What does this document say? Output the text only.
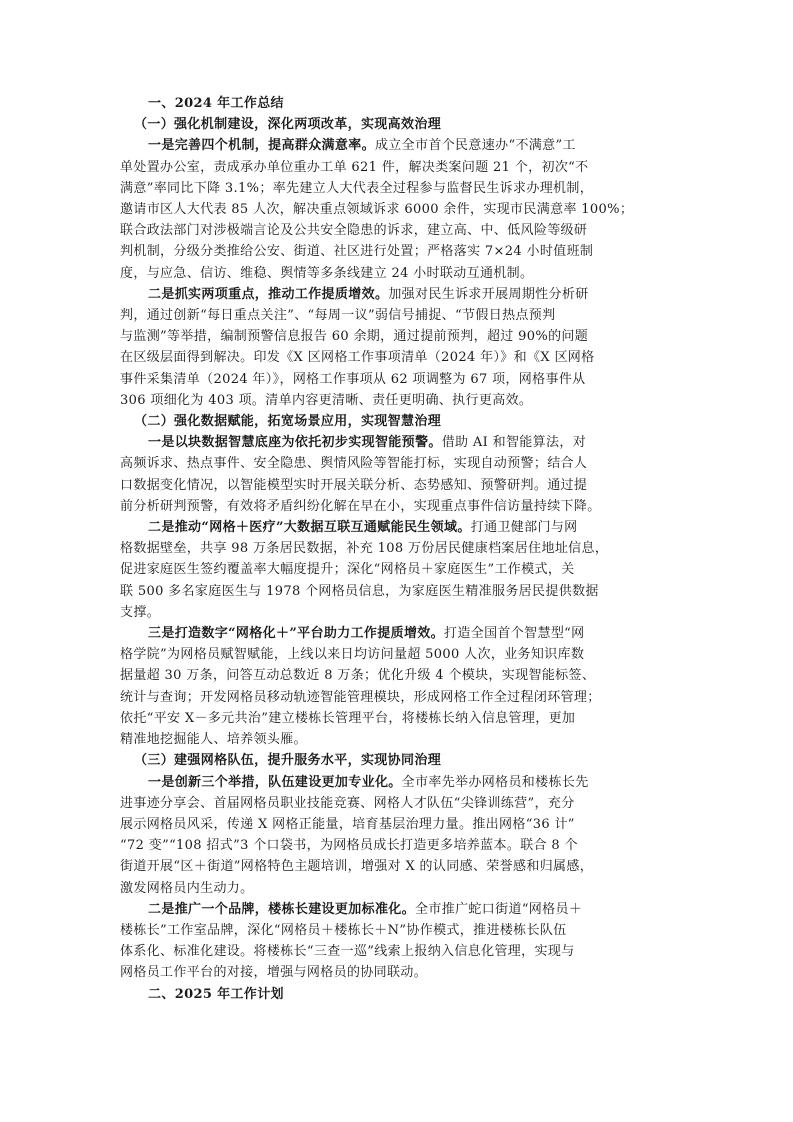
一、2024 年工作总结
（一）强化机制建设，深化两项改革，实现高效治理
一是完善四个机制，提高群众满意率。成立全市首个民意速办“不满意”工
单处置办公室，责成承办单位重办工单 621 件，解决类案问题 21 个，初次“不
满意”率同比下降 3.1%；率先建立人大代表全过程参与监督民生诉求办理机制，
邀请市区人大代表 85 人次，解决重点领域诉求 6000 余件，实现市民满意率 100%；
联合政法部门对涉极端言论及公共安全隐患的诉求，建立高、中、低风险等级研
判机制，分级分类推给公安、街道、社区进行处置；严格落实 7×24 小时值班制
度，与应急、信访、维稳、舆情等多条线建立 24 小时联动互通机制。
二是抓实两项重点，推动工作提质增效。加强对民生诉求开展周期性分析研
判，通过创新“每日重点关注”、“每周一议”弱信号捕捉、“节假日热点预判
与监测”等举措，编制预警信息报告 60 余期，通过提前预判，超过 90%的问题
在区级层面得到解决。印发《X 区网格工作事项清单（2024 年）》和《X 区网格
事件采集清单（2024 年）》，网格工作事项从 62 项调整为 67 项，网格事件从
306 项细化为 403 项。清单内容更清晰、责任更明确、执行更高效。
（二）强化数据赋能，拓宽场景应用，实现智慧治理
一是以块数据智慧底座为依托初步实现智能预警。借助 AI 和智能算法，对
高频诉求、热点事件、安全隐患、舆情风险等智能打标，实现自动预警；结合人
口数据变化情况，以智能模型实时开展关联分析、态势感知、预警研判。通过提
前分析研判预警，有效将矛盾纠纷化解在早在小，实现重点事件信访量持续下降。
二是推动“网格＋医疗”大数据互联互通赋能民生领域。打通卫健部门与网
格数据壁垒，共享 98 万条居民数据，补充 108 万份居民健康档案居住地址信息，
促进家庭医生签约覆盖率大幅度提升；深化“网格员＋家庭医生”工作模式，关
联 500 多名家庭医生与 1978 个网格员信息，为家庭医生精准服务居民提供数据
支撑。
三是打造数字“网格化＋”平台助力工作提质增效。打造全国首个智慧型“网
格学院”为网格员赋智赋能，上线以来日均访问量超 5000 人次，业务知识库数
据量超 30 万条，问答互动总数近 8 万条；优化升级 4 个模块，实现智能标签、
统计与查询；开发网格员移动轨迹智能管理模块，形成网格工作全过程闭环管理；
依托“平安 X－多元共治”建立楼栋长管理平台，将楼栋长纳入信息管理，更加
精准地挖掘能人、培养领头雁。
（三）建强网格队伍，提升服务水平，实现协同治理
一是创新三个举措，队伍建设更加专业化。全市率先举办网格员和楼栋长先
进事迹分享会、首届网格员职业技能竞赛、网格人才队伍“尖锋训练营”，充分
展示网格员风采，传递 X 网格正能量，培育基层治理力量。推出网格“36 计”
“72 变”“108 招式”3 个口袋书，为网格员成长打造更多培养蓝本。联合 8 个
街道开展“区＋街道”网格特色主题培训，增强对 X 的认同感、荣誉感和归属感，
激发网格员内生动力。
二是推广一个品牌，楼栋长建设更加标准化。全市推广蛇口街道“网格员＋
楼栋长”工作室品牌，深化“网格员＋楼栋长＋N”协作模式，推进楼栋长队伍
体系化、标准化建设。将楼栋长“三查一巡”线索上报纳入信息化管理，实现与
网格员工作平台的对接，增强与网格员的协同联动。
二、2025 年工作计划
